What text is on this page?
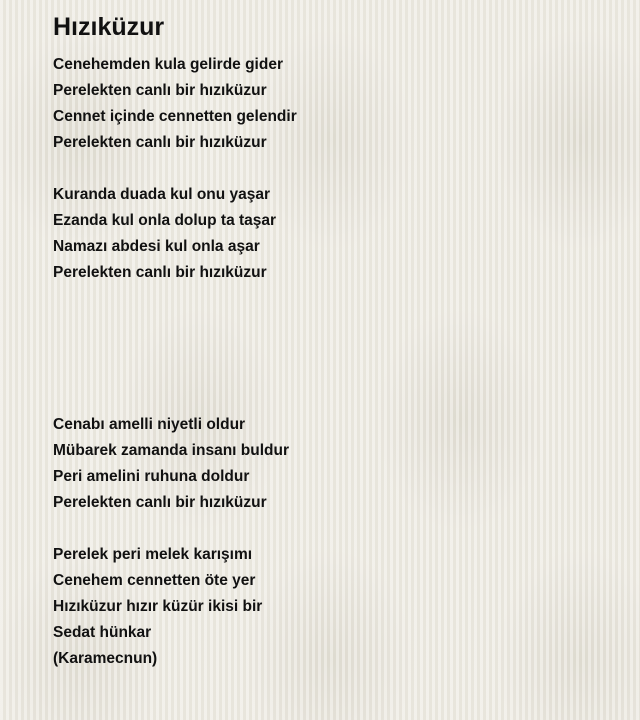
Hızıküzur
Cenehemden kula gelirde gider
Perelekten canlı bir hızıküzur
Cennet içinde cennetten gelendir
Perelekten canlı bir hızıküzur
Kuranda duada kul onu yaşar
Ezanda kul onla dolup ta taşar
Namazı abdesi kul onla aşar
Perelekten canlı bir hızıküzur
Cenabı amelli niyetli oldur
Mübarek zamanda insanı buldur
Peri amelini ruhuna doldur
Perelekten canlı bir hızıküzur
Perelek peri melek karışımı
Cenehem cennetten öte yer
Hızıküzur hızır küzür ikisi bir
Sedat hünkar
(Karamecnun)
